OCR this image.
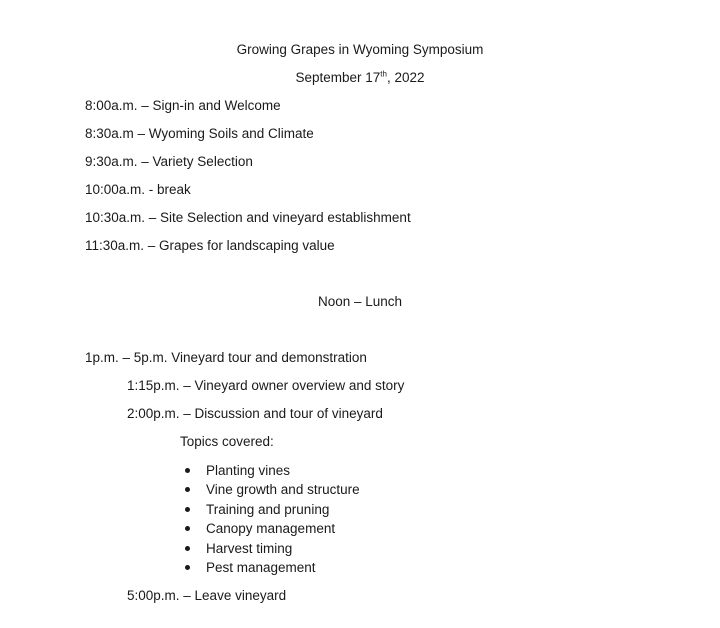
Growing Grapes in Wyoming Symposium
September 17th, 2022
8:00a.m. – Sign-in and Welcome
8:30a.m – Wyoming Soils and Climate
9:30a.m. – Variety Selection
10:00a.m. - break
10:30a.m. – Site Selection and vineyard establishment
11:30a.m. – Grapes for landscaping value
Noon – Lunch
1p.m. – 5p.m. Vineyard tour and demonstration
1:15p.m. – Vineyard owner overview and story
2:00p.m. – Discussion and tour of vineyard
Topics covered:
Planting vines
Vine growth and structure
Training and pruning
Canopy management
Harvest timing
Pest management
5:00p.m. – Leave vineyard
